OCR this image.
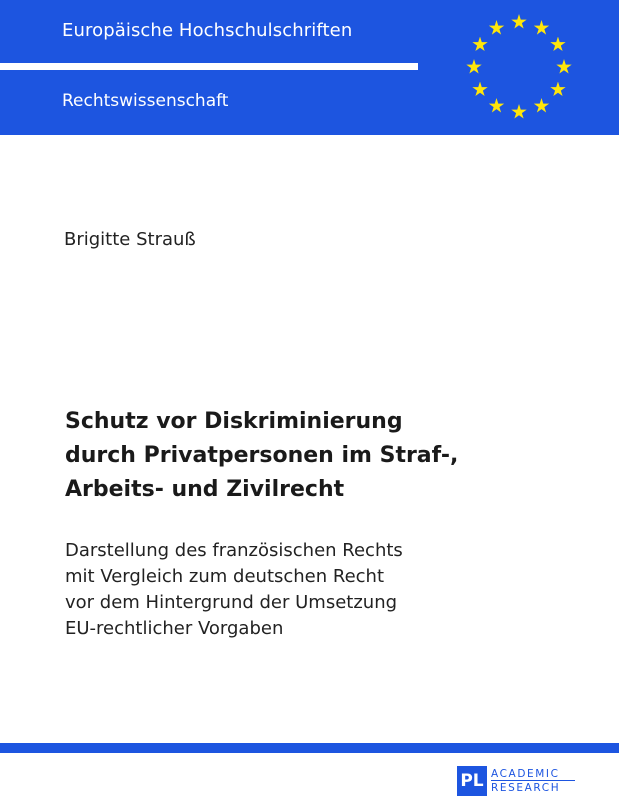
Europäische Hochschulschriften
Rechtswissenschaft
Brigitte Strauß
Schutz vor Diskriminierung
durch Privatpersonen im Straf-,
Arbeits- und Zivilrecht
Darstellung des französischen Rechts
mit Vergleich zum deutschen Recht
vor dem Hintergrund der Umsetzung
EU-rechtlicher Vorgaben
PL ACADEMIC
RESEARCH
